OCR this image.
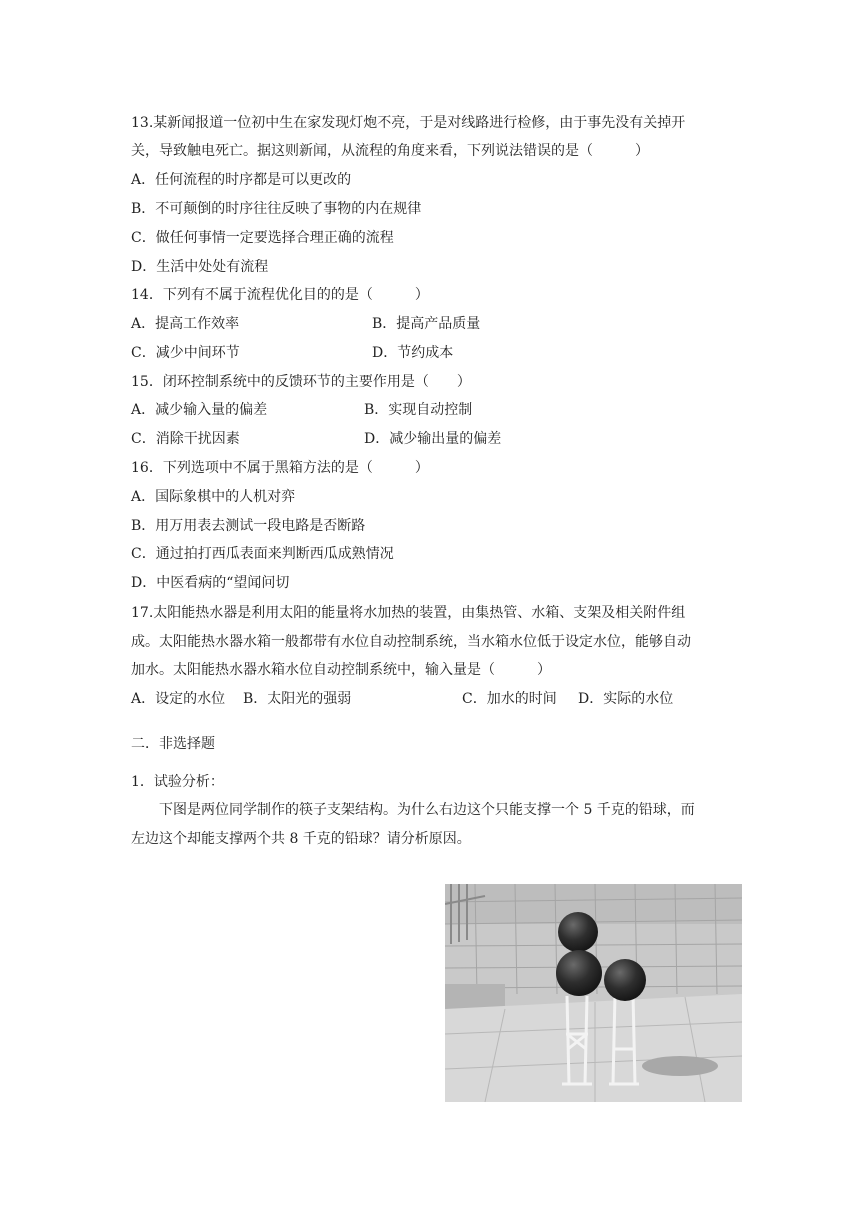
13.某新闻报道一位初中生在家发现灯炮不亮，于是对线路进行检修，由于事先没有关掉开
关，导致触电死亡。据这则新闻，从流程的角度来看，下列说法错误的是（　　　）
A．任何流程的时序都是可以更改的
B．不可颠倒的时序往往反映了事物的内在规律
C．做任何事情一定要选择合理正确的流程
D．生活中处处有流程
14．下列有不属于流程优化目的的是（　　　）
A．提高工作效率	B．提高产品质量
C．减少中间环节	D．节约成本
15．闭环控制系统中的反馈环节的主要作用是（　　）
A．减少输入量的偏差	B．实现自动控制
C．消除干扰因素	D．减少输出量的偏差
16．下列选项中不属于黑箱方法的是（　　　）
A．国际象棋中的人机对弈
B．用万用表去测试一段电路是否断路
C．通过拍打西瓜表面来判断西瓜成熟情况
D．中医看病的“望闻问切
17.太阳能热水器是利用太阳的能量将水加热的装置，由集热管、水箱、支架及相关附件组
成。太阳能热水器水箱一般都带有水位自动控制系统，当水箱水位低于设定水位，能够自动
加水。太阳能热水器水箱水位自动控制系统中，输入量是（　　　）
A．设定的水位 B．太阳光的强弱	C．加水的时间 D．实际的水位
二．非选择题
1．试验分析：
　　下图是两位同学制作的筷子支架结构。为什么右边这个只能支撑一个 5 千克的铅球，而
左边这个却能支撑两个共 8 千克的铅球？请分析原因。
